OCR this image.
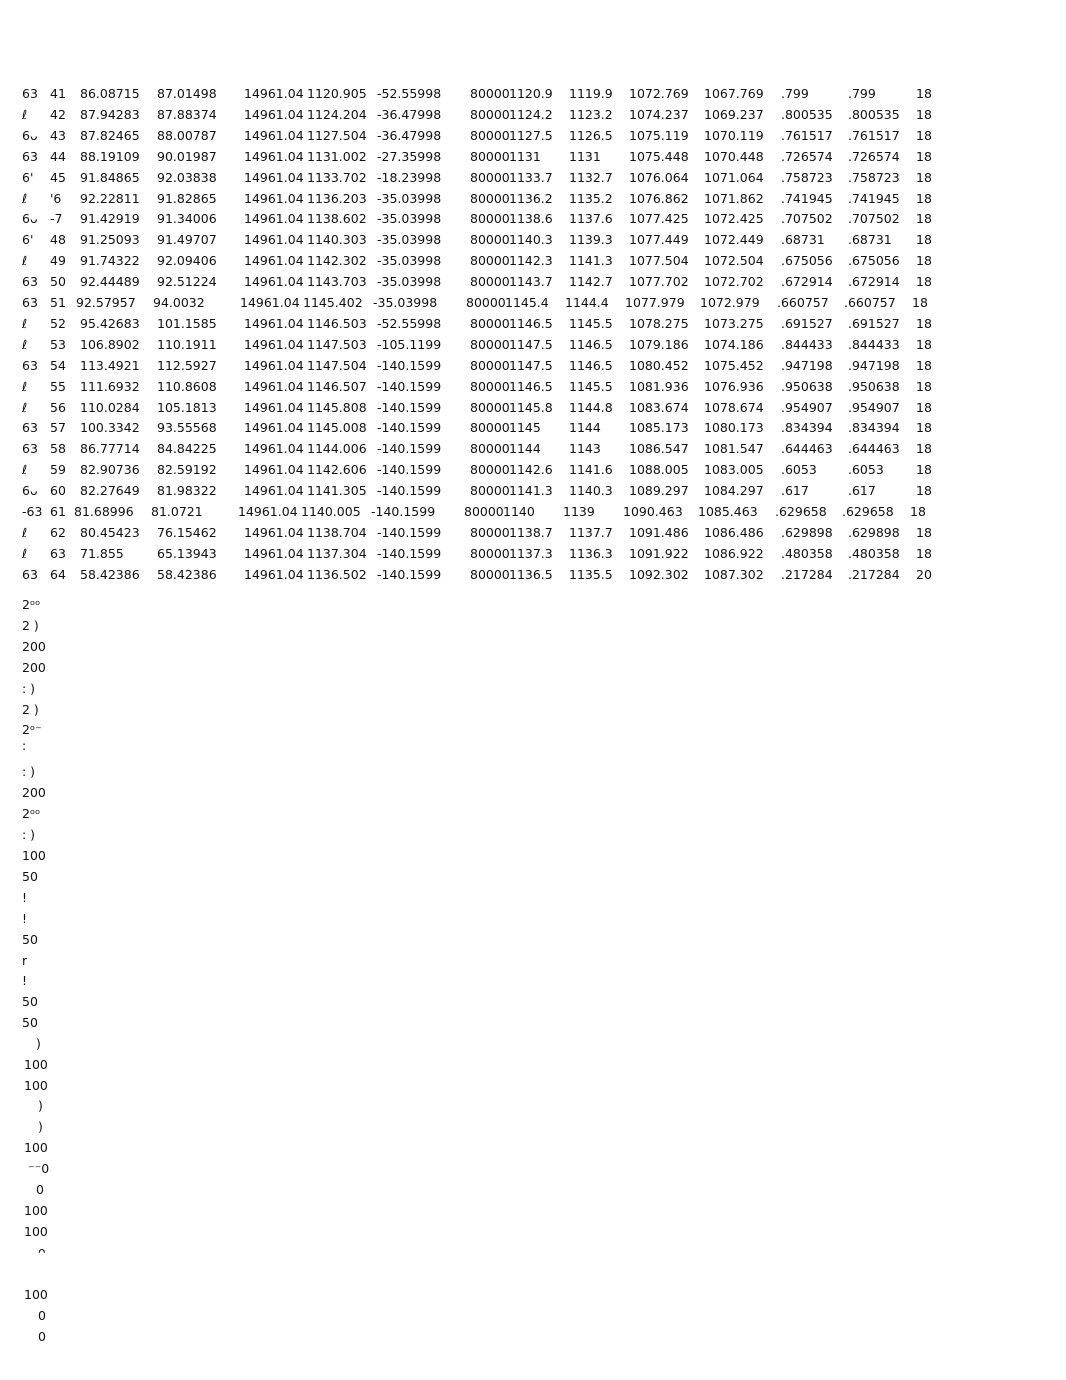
63 41 86.08715 87.01498 14961.04 1120.905 -52.55998 80000 1120.9 1119.9 1072.769 1067.769 .799	.799	18
ℓ 42 87.94283 87.88374 14961.04 1124.204 -36.47998 80000 1124.2 1123.2 1074.237 1069.237 .800535 .800535 18
6ᴗ 43 87.82465 88.00787 14961.04 1127.504 -36.47998 80000 1127.5 1126.5 1075.119 1070.119 .761517 .761517 18
63 44 88.19109 90.01987 14961.04 1131.002 -27.35998 80000 1131 1131 1075.448 1070.448 .726574 .726574 18
6' 45 91.84865 92.03838 14961.04 1133.702 -18.23998 80000 1133.7 1132.7 1076.064 1071.064 .758723 .758723 18
ℓ '6 92.22811 91.82865 14961.04 1136.203 -35.03998 80000 1136.2 1135.2 1076.862 1071.862 .741945 .741945 18
6ᴗ -7 91.42919 91.34006 14961.04 1138.602 -35.03998 80000 1138.6 1137.6 1077.425 1072.425 .707502 .707502 18
6' 48 91.25093 91.49707 14961.04 1140.303 -35.03998 80000 1140.3 1139.3 1077.449 1072.449 .68731 .68731 18
ℓ 49 91.74322 92.09406 14961.04 1142.302 -35.03998 80000 1142.3 1141.3 1077.504 1072.504 .675056 .675056 18
63 50 92.44489 92.51224 14961.04 1143.703 -35.03998 80000 1143.7 1142.7 1077.702 1072.702 .672914 .672914 18
63 51 92.57957 94.0032	14961.04 1145.402 -35.03998 80000 1145.4 1144.4 1077.979 1072.979 .660757 .660757 18
ℓ 52 95.42683 101.1585 14961.04 1146.503 -52.55998 80000 1146.5 1145.5 1078.275 1073.275 .691527 .691527 18
ℓ 53 106.8902 110.1911 14961.04 1147.503 -105.1199 80000 1147.5 1146.5 1079.186 1074.186 .844433 .844433 18
63 54 113.4921 112.5927 14961.04 1147.504 -140.1599 80000 1147.5 1146.5 1080.452 1075.452 .947198 .947198 18
ℓ 55 111.6932 110.8608 14961.04 1146.507 -140.1599 80000 1146.5 1145.5 1081.936 1076.936 .950638 .950638 18
ℓ 56 110.0284 105.1813 14961.04 1145.808 -140.1599 80000 1145.8 1144.8 1083.674 1078.674 .954907 .954907 18
63 57 100.3342 93.55568 14961.04 1145.008 -140.1599 80000 1145 1144 1085.173 1080.173 .834394 .834394 18
63 58 86.77714 84.84225 14961.04 1144.006 -140.1599 80000 1144 1143 1086.547 1081.547 .644463 .644463 18
ℓ 59 82.90736 82.59192 14961.04 1142.606 -140.1599 80000 1142.6 1141.6 1088.005 1083.005 .6053 .6053	18
6ᴗ 60 82.27649 81.98322 14961.04 1141.305 -140.1599 80000 1141.3 1140.3 1089.297 1084.297 .617	.617	18
-63 61 81.68996 81.0721	14961.04 1140.005 -140.1599 80000 1140 1139 1090.463 1085.463 .629658 .629658 18
ℓ 62 80.45423 76.15462 14961.04 1138.704 -140.1599 80000 1138.7 1137.7 1091.486 1086.486 .629898 .629898 18
ℓ 63 71.855	65.13943 14961.04 1137.304 -140.1599 80000 1137.3 1136.3 1091.922 1086.922 .480358 .480358 18
63 64 58.42386 58.42386 14961.04 1136.502 -140.1599 80000 1136.5 1135.5 1092.302 1087.302 .217284 .217284 20
2ᵒᵒ
2 )
200
200
: )
2 )
2ᵒ⁻
:
: )
200
2ᵒᵒ
: )
100
50
!
!
50
r
!
50
50
)
100
100
)
)
100
⁻⁻0
0
100
100
ᴖ
100
0
0
